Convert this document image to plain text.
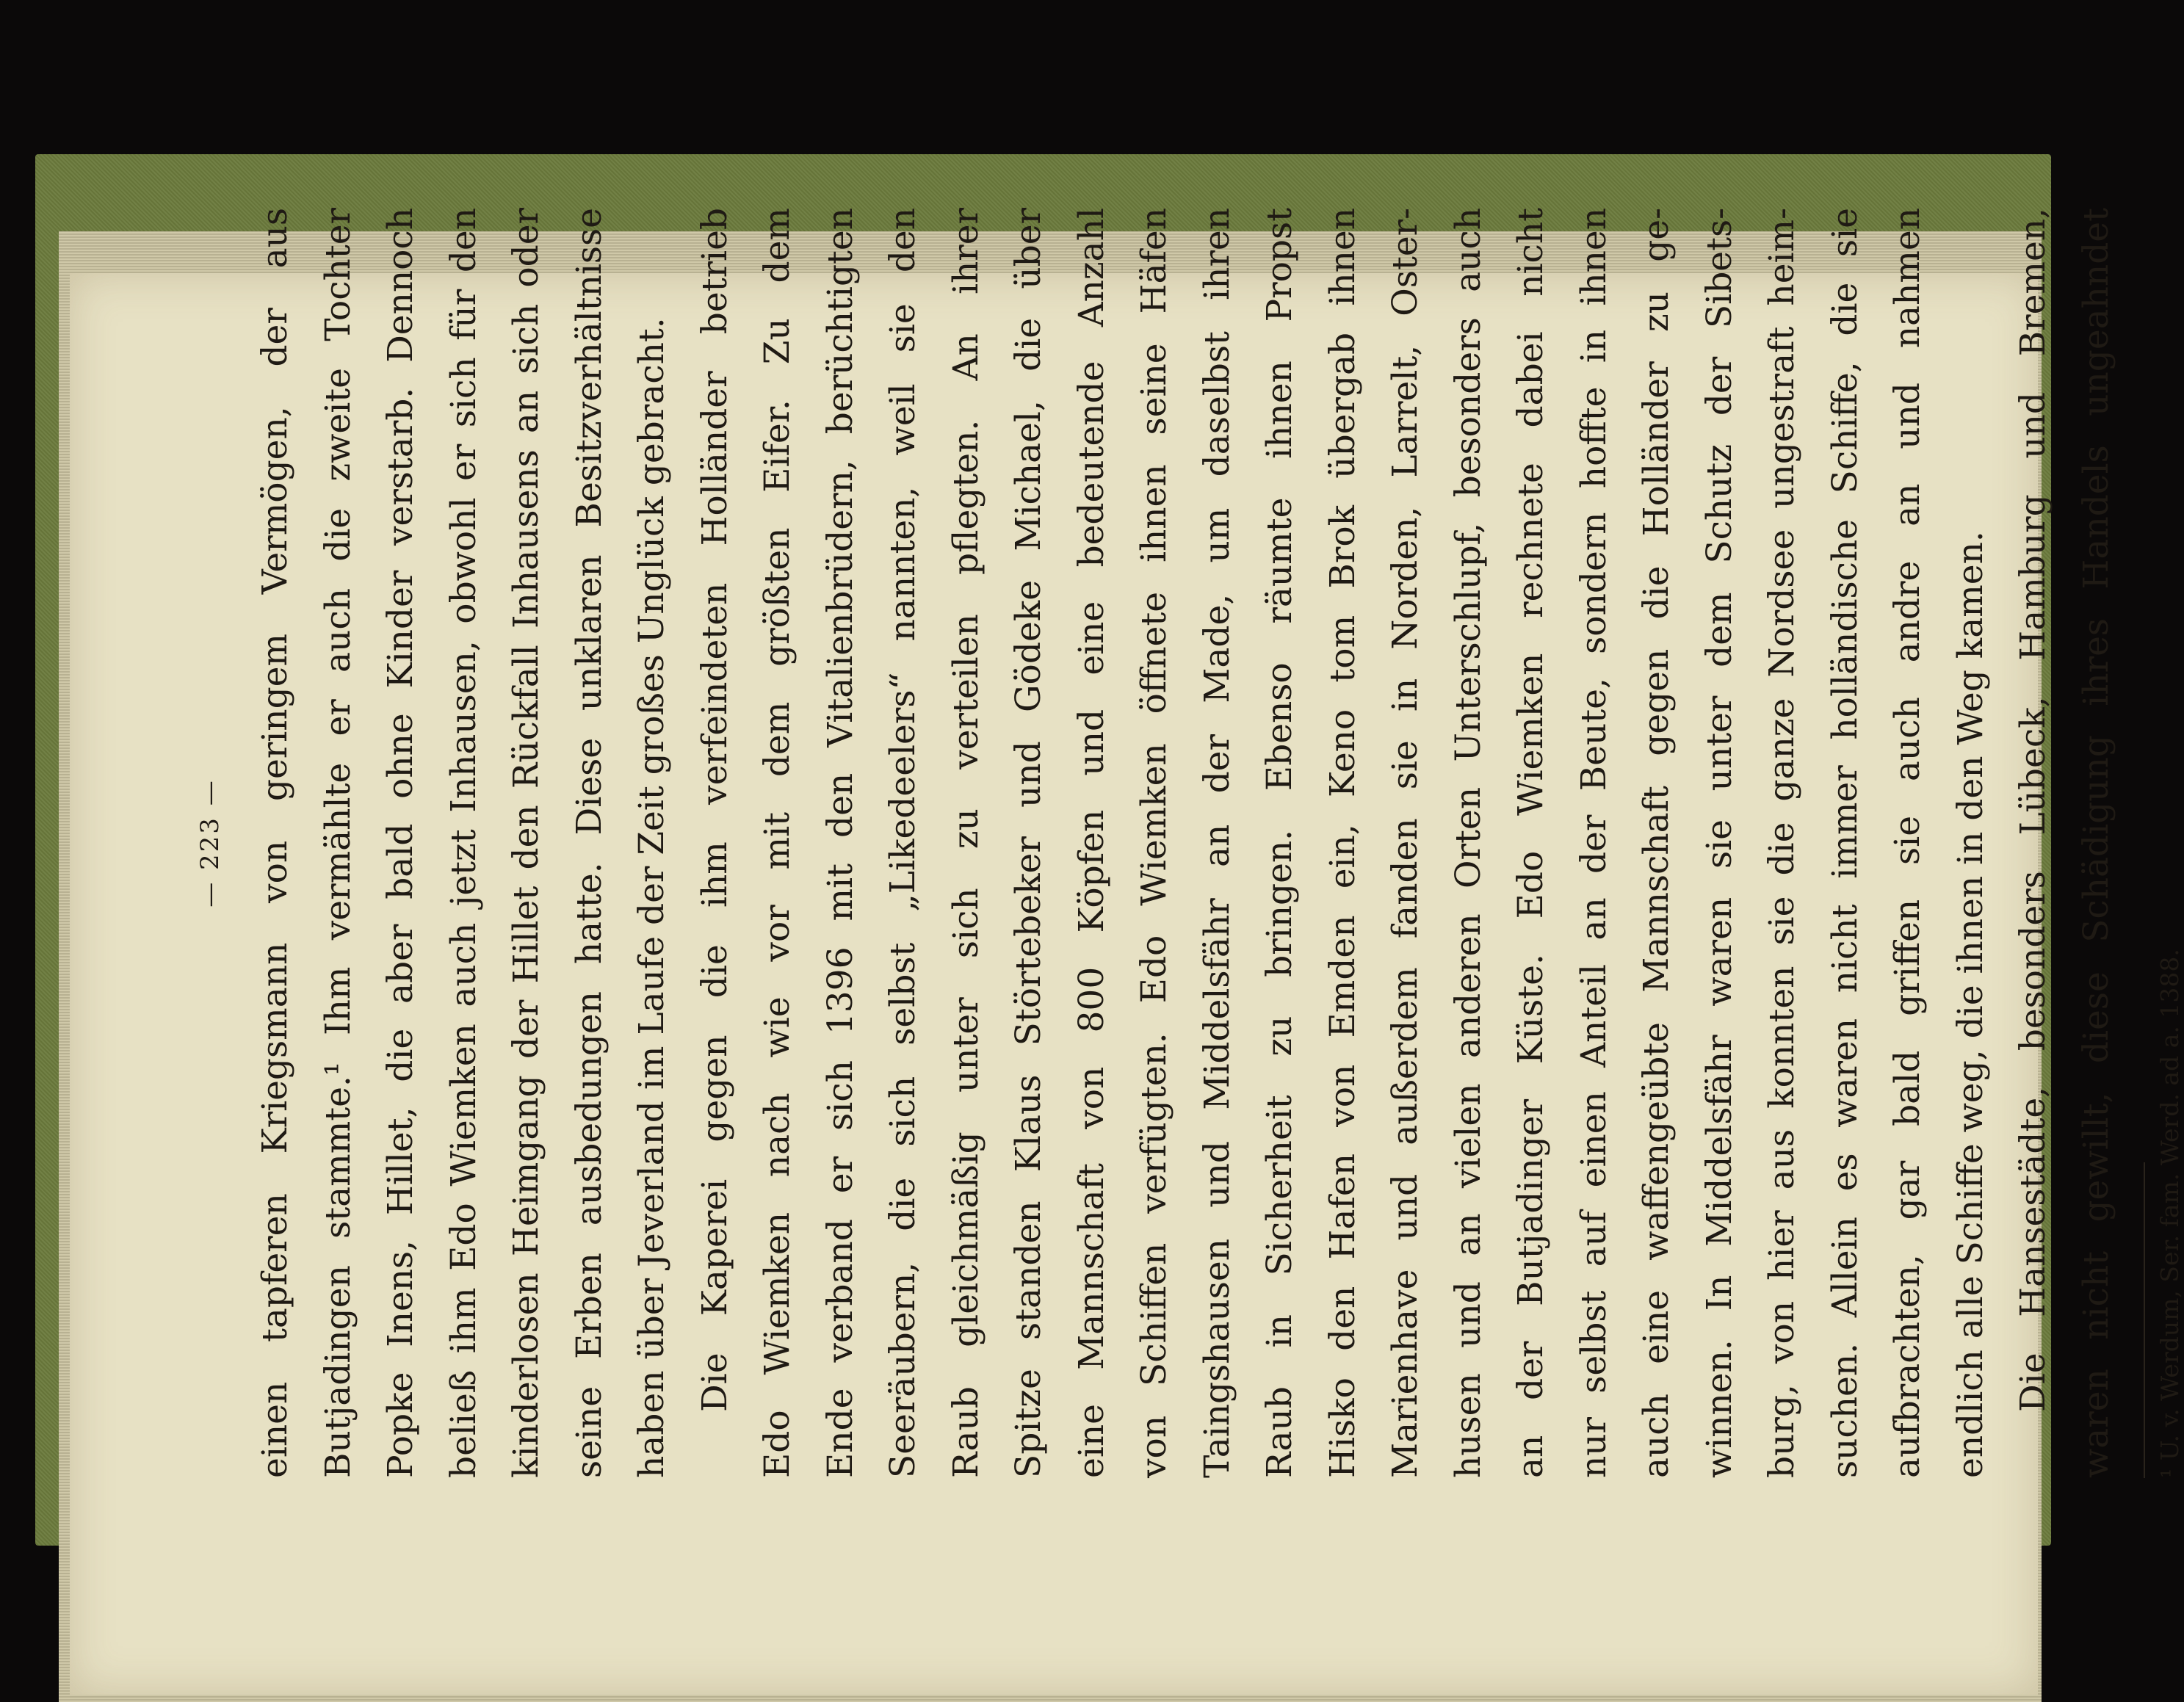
— 223 — einen tapferen Kriegsmann von geringem Vermögen, der aus Butjadingen stammte.¹ Ihm vermählte er auch die zweite Tochter Popke Inens, Hillet, die aber bald ohne Kinder verstarb. Dennoch beließ ihm Edo Wiemken auch jetzt Inhausen, obwohl er sich für den kinderlosen Heimgang der Hillet den Rückfall Inhausens an sich oder seine Erben ausbedungen hatte. Diese unklaren Besitzverhältnisse haben über Jeverland im Laufe der Zeit großes Unglück gebracht. Die Kaperei gegen die ihm verfeindeten Holländer betrieb Edo Wiemken nach wie vor mit dem größten Eifer. Zu dem Ende verband er sich 1396 mit den Vitalienbrüdern, berüchtigten Seeräubern, die sich selbst „Likedeelers“ nannten, weil sie den Raub gleichmäßig unter sich zu verteilen pflegten. An ihrer Spitze standen Klaus Störtebeker und Gödeke Michael, die über eine Mannschaft von 800 Köpfen und eine bedeutende Anzahl von Schiffen verfügten. Edo Wiemken öffnete ihnen seine Häfen Taingshausen und Middelsfähr an der Made, um daselbst ihren Raub in Sicherheit zu bringen. Ebenso räumte ihnen Propst Hisko den Hafen von Emden ein, Keno tom Brok übergab ihnen Marienhave und außerdem fanden sie in Norden, Larrelt, Oster- husen und an vielen anderen Orten Unterschlupf, besonders auch an der Butjadinger Küste. Edo Wiemken rechnete dabei nicht nur selbst auf einen Anteil an der Beute, sondern hoffte in ihnen auch eine waffengeübte Mannschaft gegen die Holländer zu ge- winnen. In Middelsfähr waren sie unter dem Schutz der Sibets- burg, von hier aus konnten sie die ganze Nordsee ungestraft heim- suchen. Allein es waren nicht immer holländische Schiffe, die sie aufbrachten, gar bald griffen sie auch andre an und nahmen endlich alle Schiffe weg, die ihnen in den Weg kamen. Die Hansestädte, besonders Lübeck, Hamburg und Bremen, waren nicht gewillt, diese Schädigung ihres Handels ungeahndet	¹ U. v. Werdum, Ser. fam. Werd. ad a. 1388.
